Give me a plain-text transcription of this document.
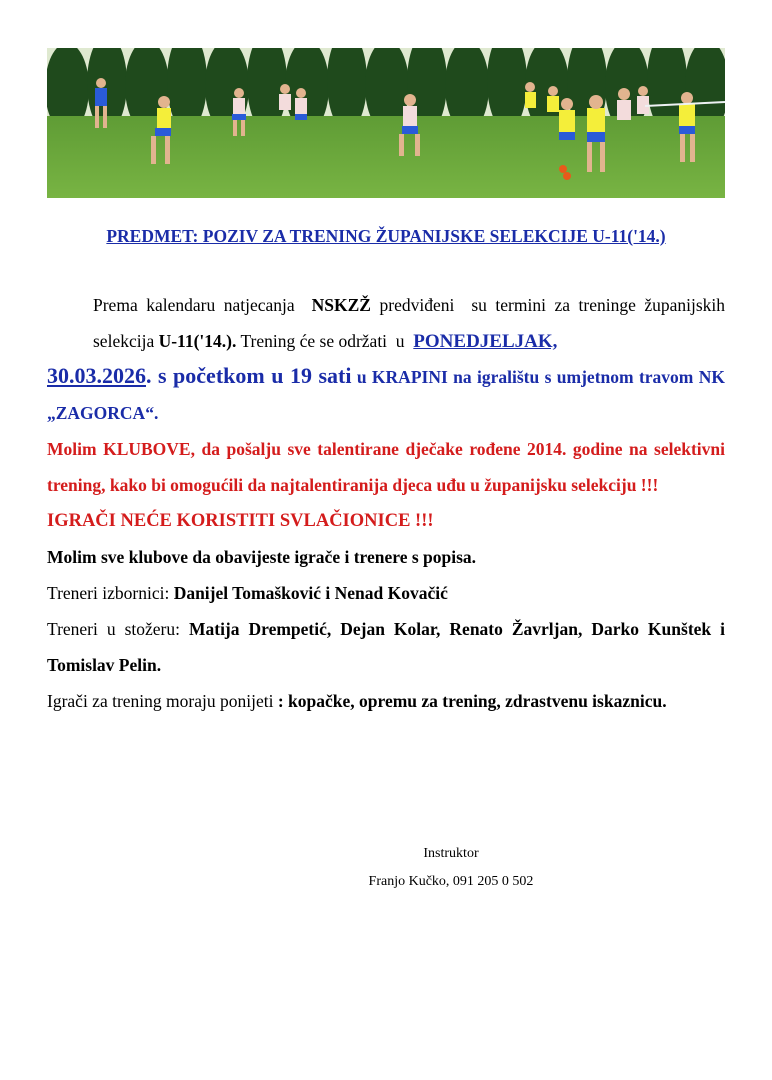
PREDMET: POZIV ZA TRENING ŽUPANIJSKE SELEKCIJE U-11('14.)
Prema kalendaru natjecanja NSKZŽ predviđeni su termini za treninge županijskih selekcija U-11('14.). Trening će se održati u PONEDJELJAK,
30.03.2026. s početkom u 19 sati u KRAPINI na igralištu s umjetnom travom NK „ZAGORCA“.
Molim KLUBOVE, da pošalju sve talentirane dječake rođene 2014. godine na selektivni trening, kako bi omogućili da najtalentiranija djeca uđu u županijsku selekciju !!!
IGRAČI NEĆE KORISTITI SVLAČIONICE !!!
Molim sve klubove da obavijeste igrače i trenere s popisa.
Treneri izbornici: Danijel Tomašković i Nenad Kovačić
Treneri u stožeru: Matija Drempetić, Dejan Kolar, Renato Žavrljan, Darko Kunštek i Tomislav Pelin.
Igrači za trening moraju ponijeti : kopačke, opremu za trening, zdrastvenu iskaznicu.
Instruktor
Franjo Kučko, 091 205 0 502
